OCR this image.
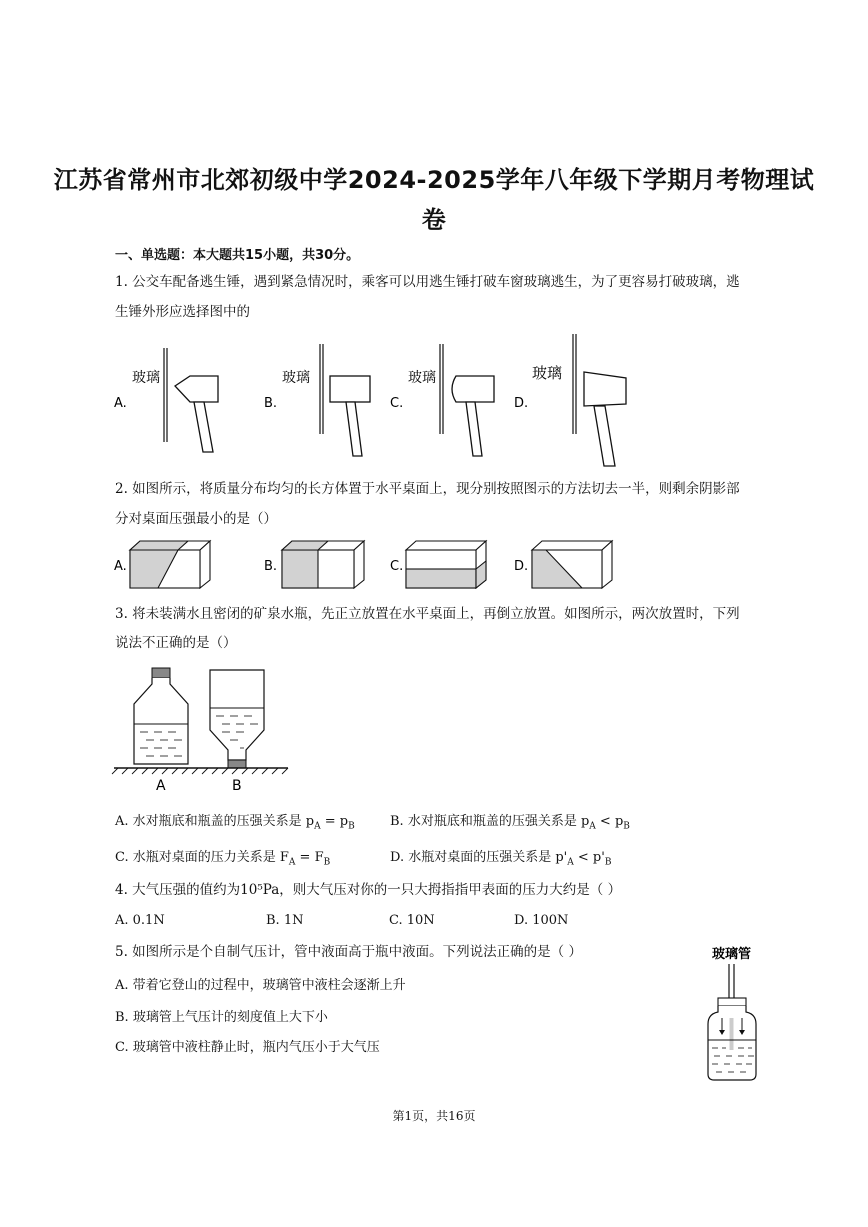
江苏省常州市北郊初级中学2024-2025学年八年级下学期月考物理试
卷
一、单选题：本大题共15小题，共30分。
1. 公交车配备逃生锤，遇到紧急情况时，乘客可以用逃生锤打破车窗玻璃逃生，为了更容易打破玻璃，逃
生锤外形应选择图中的
A.
玻璃
B.
玻璃
C.
玻璃
D.
玻璃
2. 如图所示，将质量分布均匀的长方体置于水平桌面上，现分别按照图示的方法切去一半，则剩余阴影部
分对桌面压强最小的是（）
A.	B.	C.	D.
3. 将未装满水且密闭的矿泉水瓶，先正立放置在水平桌面上，再倒立放置。如图所示，两次放置时，下列
说法不正确的是（）
A	B
A. 水对瓶底和瓶盖的压强关系是 $p_A = p_B$	B. 水对瓶底和瓶盖的压强关系是 $p_A < p_B$
C. 水瓶对桌面的压力关系是 $F_A = F_B$	D. 水瓶对桌面的压强关系是 $p'_A < p'_B$
4. 大气压强的值约为10⁵Pa，则大气压对你的一只大拇指指甲表面的压力大约是（ ）
A. 0.1N	B. 1N	C. 10N	D. 100N
5. 如图所示是个自制气压计，管中液面高于瓶中液面。下列说法正确的是（ ）
A. 带着它登山的过程中，玻璃管中液柱会逐渐上升
B. 玻璃管上气压计的刻度值上大下小
C. 玻璃管中液柱静止时，瓶内气压小于大气压
玻璃管
第1页，共16页
